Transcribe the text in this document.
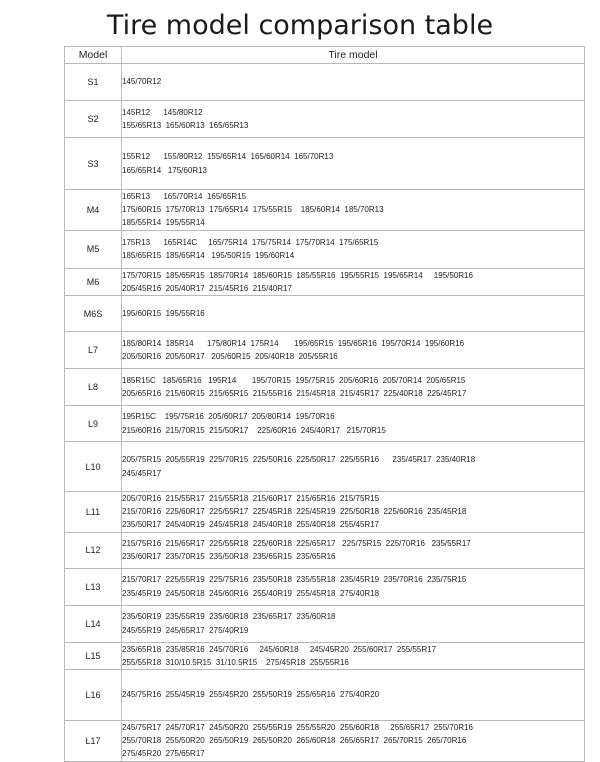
Tire model comparison table
Model	Tire model
S1	145/70R12

S2	145R12      145/80R12
155/65R13  165/60R13  165/65R13

S3	155R12      155/80R12  155/65R14  165/60R14  165/70R13
165/65R14   175/60R13

M4	165R13      165/70R14  165/65R15
175/60R15  175/70R13  175/65R14  175/55R15    185/60R14  185/70R13
185/55R14  195/55R14

M5	175R13      165R14C     165/75R14  175/75R14  175/70R14  175/65R15
185/65R15  185/65R14   195/50R15  195/60R14

M6	175/70R15  185/65R15  185/70R14  185/60R15  185/55R16  195/55R15  195/65R14     195/50R16
205/45R16  205/40R17  215/45R16  215/40R17

M6S	195/60R15  195/55R16

L7	185/80R14  185R14      175/80R14  175R14       195/65R15  195/65R16  195/70R14  195/60R16
205/50R16  205/50R17   205/60R15  205/40R18  205/55R16

L8	185R15C   185/65R16   195R14       195/70R15  195/75R15  205/60R16  205/70R14  205/65R15
205/65R16  215/60R15  215/65R15  215/55R16  215/45R18  215/45R17  225/40R18  225/45R17

L9	195R15C    195/75R16  205/60R17  205/80R14  195/70R16
215/60R16  215/70R15  215/50R17    225/60R16  245/40R17   215/70R15

L10	205/75R15  205/55R19  225/70R15  225/50R16  225/50R17  225/55R16      235/45R17  235/40R18
245/45R17

L11	205/70R16  215/55R17  215/55R18  215/60R17  215/65R16  215/75R15
215/70R16  225/60R17  225/55R17  225/45R18  225/45R19  225/50R18  225/60R16  235/45R18
235/50R17  245/40R19  245/45R18  245/40R18  255/40R18  255/45R17

L12	215/75R16  215/65R17  225/55R18  225/60R18  225/65R17   225/75R15  225/70R16   235/55R17
235/60R17  235/70R15  235/50R18  235/65R15  235/65R16

L13	215/70R17  225/55R19  225/75R16  235/50R18  235/55R18  235/45R19  235/70R16  235/75R15
235/45R19  245/50R18  245/60R16  255/40R19  255/45R18  275/40R18

L14	235/50R19  235/55R19  235/60R18  235/65R17  235/60R18
245/55R19  245/65R17  275/40R19

L15	235/65R18  235/85R16  245/70R16     245/60R18     245/45R20  255/60R17  255/55R17
255/55R18  310/10.5R15  31/10.5R15    275/45R18  255/55R16

L16	245/75R16  255/45R19  255/45R20  255/50R19  255/65R16  275/40R20

L17	245/75R17  245/70R17  245/50R20  255/55R19  255/55R20  255/60R18     255/65R17  255/70R16
255/70R18  255/50R20  265/50R19  265/50R20  265/60R18  265/65R17  265/70R15  265/70R16
275/45R20  275/65R17
